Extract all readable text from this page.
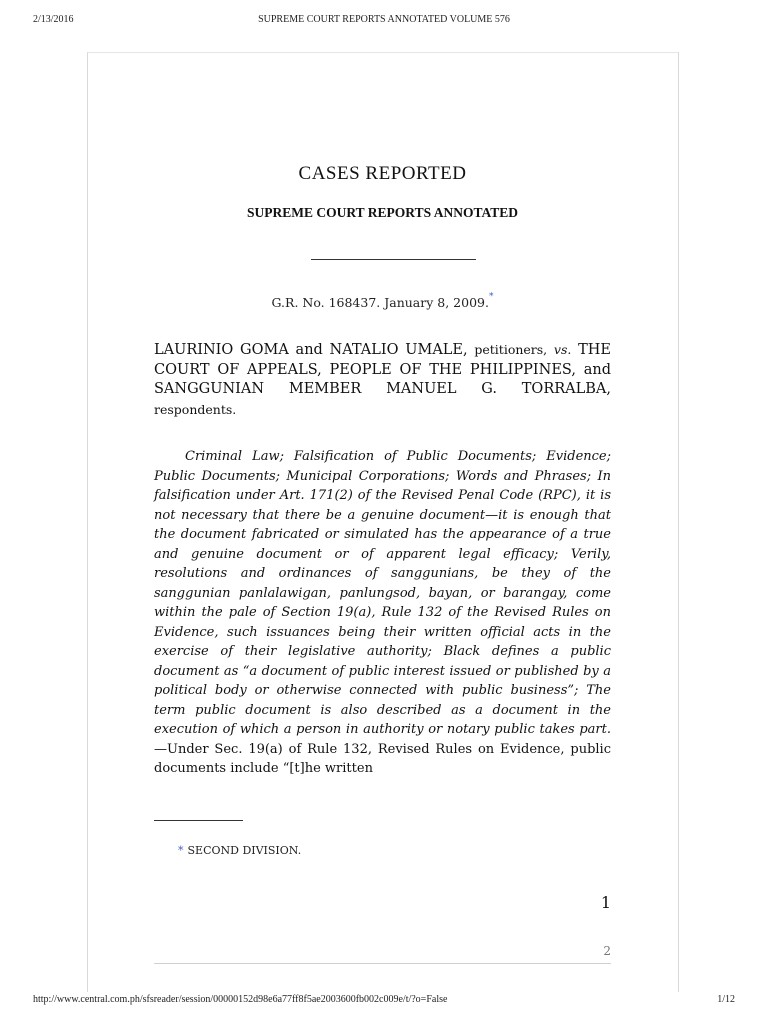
2/13/2016	SUPREME COURT REPORTS ANNOTATED VOLUME 576
CASES REPORTED
SUPREME COURT REPORTS ANNOTATED
G.R. No. 168437. January 8, 2009.*
LAURINIO GOMA and NATALIO UMALE, petitioners, vs. THE COURT OF APPEALS, PEOPLE OF THE PHILIPPINES, and SANGGUNIAN MEMBER MANUEL G. TORRALBA, respondents.
Criminal Law; Falsification of Public Documents; Evidence; Public Documents; Municipal Corporations; Words and Phrases; In falsification under Art. 171(2) of the Revised Penal Code (RPC), it is not necessary that there be a genuine document—it is enough that the document fabricated or simulated has the appearance of a true and genuine document or of apparent legal efficacy; Verily, resolutions and ordinances of sanggunians, be they of the sanggunian panlalawigan, panlungsod, bayan, or barangay, come within the pale of Section 19(a), Rule 132 of the Revised Rules on Evidence, such issuances being their written official acts in the exercise of their legislative authority; Black defines a public document as “a document of public interest issued or published by a political body or otherwise connected with public business”; The term public document is also described as a document in the execution of which a person in authority or notary public takes part.—Under Sec. 19(a) of Rule 132, Revised Rules on Evidence, public documents include “[t]he written
* SECOND DIVISION.
1
2
http://www.central.com.ph/sfsreader/session/00000152d98e6a77ff8f5ae2003600fb002c009e/t/?o=False	1/12
